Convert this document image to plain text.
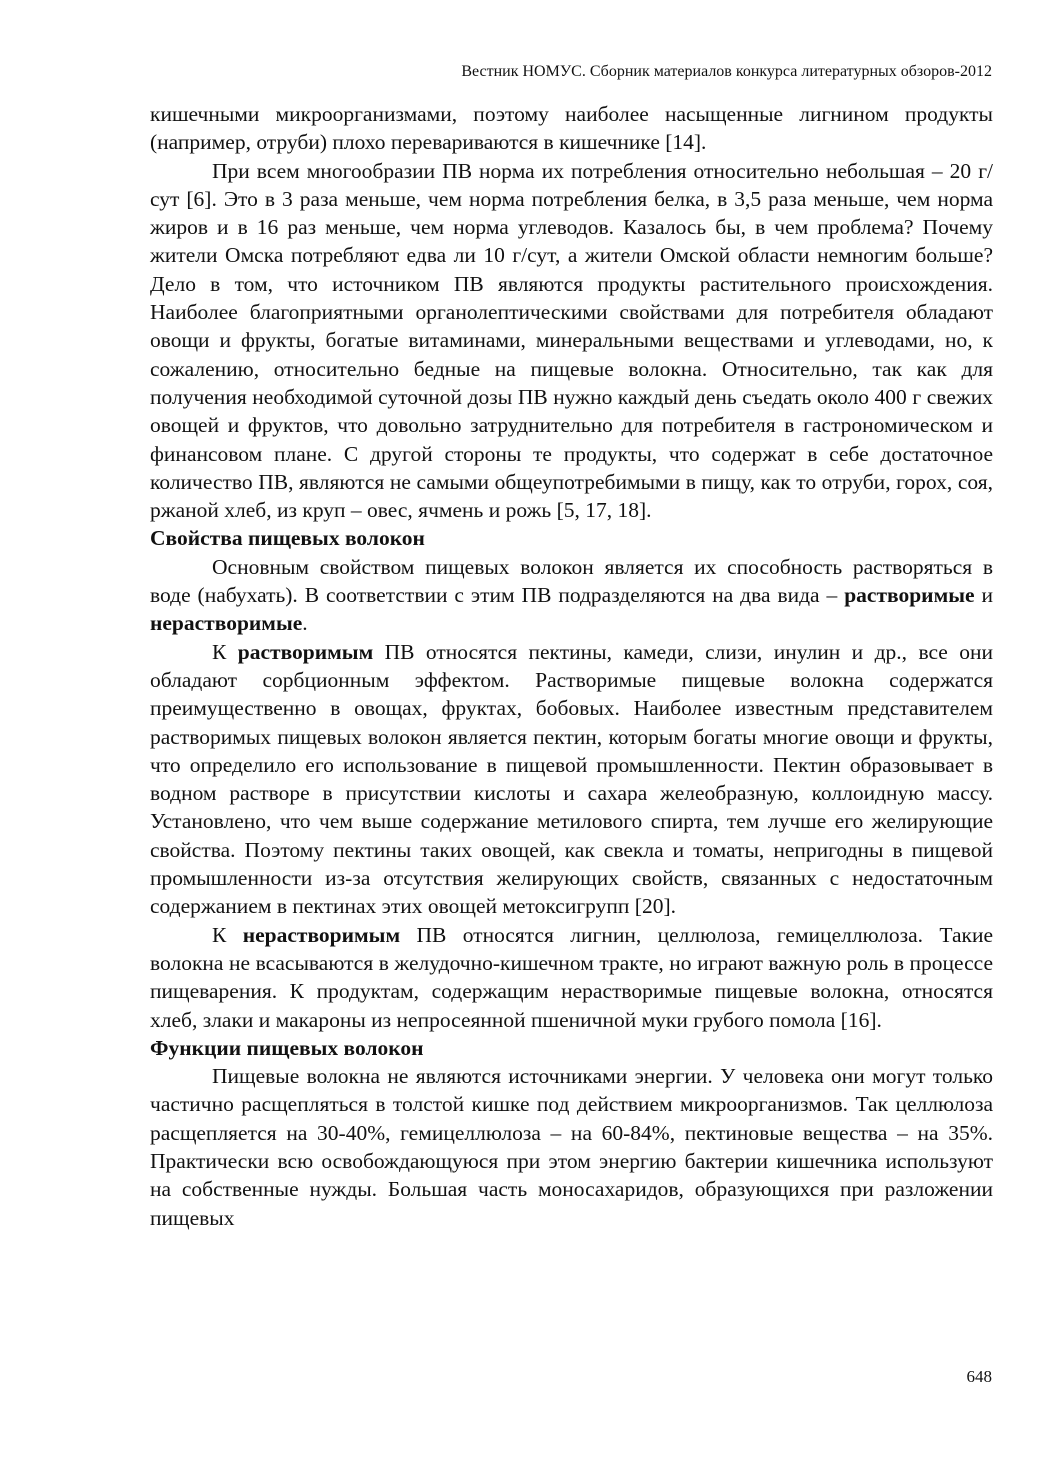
Вестник НОМУС. Сборник материалов конкурса литературных обзоров-2012

кишечными микроорганизмами, поэтому наиболее насыщенные лигнином продукты (например, отруби) плохо перевариваются в кишечнике [14].

При всем многообразии ПВ норма их потребления относительно небольшая – 20 г/сут [6]. Это в 3 раза меньше, чем норма потребления белка, в 3,5 раза меньше, чем норма жиров и в 16 раз меньше, чем норма углеводов. Казалось бы, в чем проблема? Почему жители Омска потребляют едва ли 10 г/сут, а жители Омской области немногим больше? Дело в том, что источником ПВ являются продукты растительного происхождения. Наиболее благоприятными органолептическими свойствами для потребителя обладают овощи и фрукты, богатые витаминами, минеральными веществами и углеводами, но, к сожалению, относительно бедные на пищевые волокна. Относительно, так как для получения необходимой суточной дозы ПВ нужно каждый день съедать около 400 г свежих овощей и фруктов, что довольно затруднительно для потребителя в гастрономическом и финансовом плане. С другой стороны те продукты, что содержат в себе достаточное количество ПВ, являются не самыми общеупотребимыми в пищу, как то отруби, горох, соя, ржаной хлеб, из круп – овес, ячмень и рожь [5, 17, 18].

Свойства пищевых волокон

Основным свойством пищевых волокон является их способность растворяться в воде (набухать). В соответствии с этим ПВ подразделяются на два вида – растворимые и нерастворимые.

К растворимым ПВ относятся пектины, камеди, слизи, инулин и др., все они обладают сорбционным эффектом. Растворимые пищевые волокна содержатся преимущественно в овощах, фруктах, бобовых. Наиболее известным представителем растворимых пищевых волокон является пектин, которым богаты многие овощи и фрукты, что определило его использование в пищевой промышленности. Пектин образовывает в водном растворе в присутствии кислоты и сахара желеобразную, коллоидную массу. Установлено, что чем выше содержание метилового спирта, тем лучше его желирующие свойства. Поэтому пектины таких овощей, как свекла и томаты, непригодны в пищевой промышленности из-за отсутствия желирующих свойств, связанных с недостаточным содержанием в пектинах этих овощей метоксигрупп [20].

К нерастворимым ПВ относятся лигнин, целлюлоза, гемицеллюлоза. Такие волокна не всасываются в желудочно-кишечном тракте, но играют важную роль в процессе пищеварения. К продуктам, содержащим нерастворимые пищевые волокна, относятся хлеб, злаки и макароны из непросеянной пшеничной муки грубого помола [16].

Функции пищевых волокон

Пищевые волокна не являются источниками энергии. У человека они могут только частично расщепляться в толстой кишке под действием микроорганизмов. Так целлюлоза расщепляется на 30-40%, гемицеллюлоза – на 60-84%, пектиновые вещества – на 35%. Практически всю освобождающуюся при этом энергию бактерии кишечника используют на собственные нужды. Большая часть моносахаридов, образующихся при разложении пищевых

648
